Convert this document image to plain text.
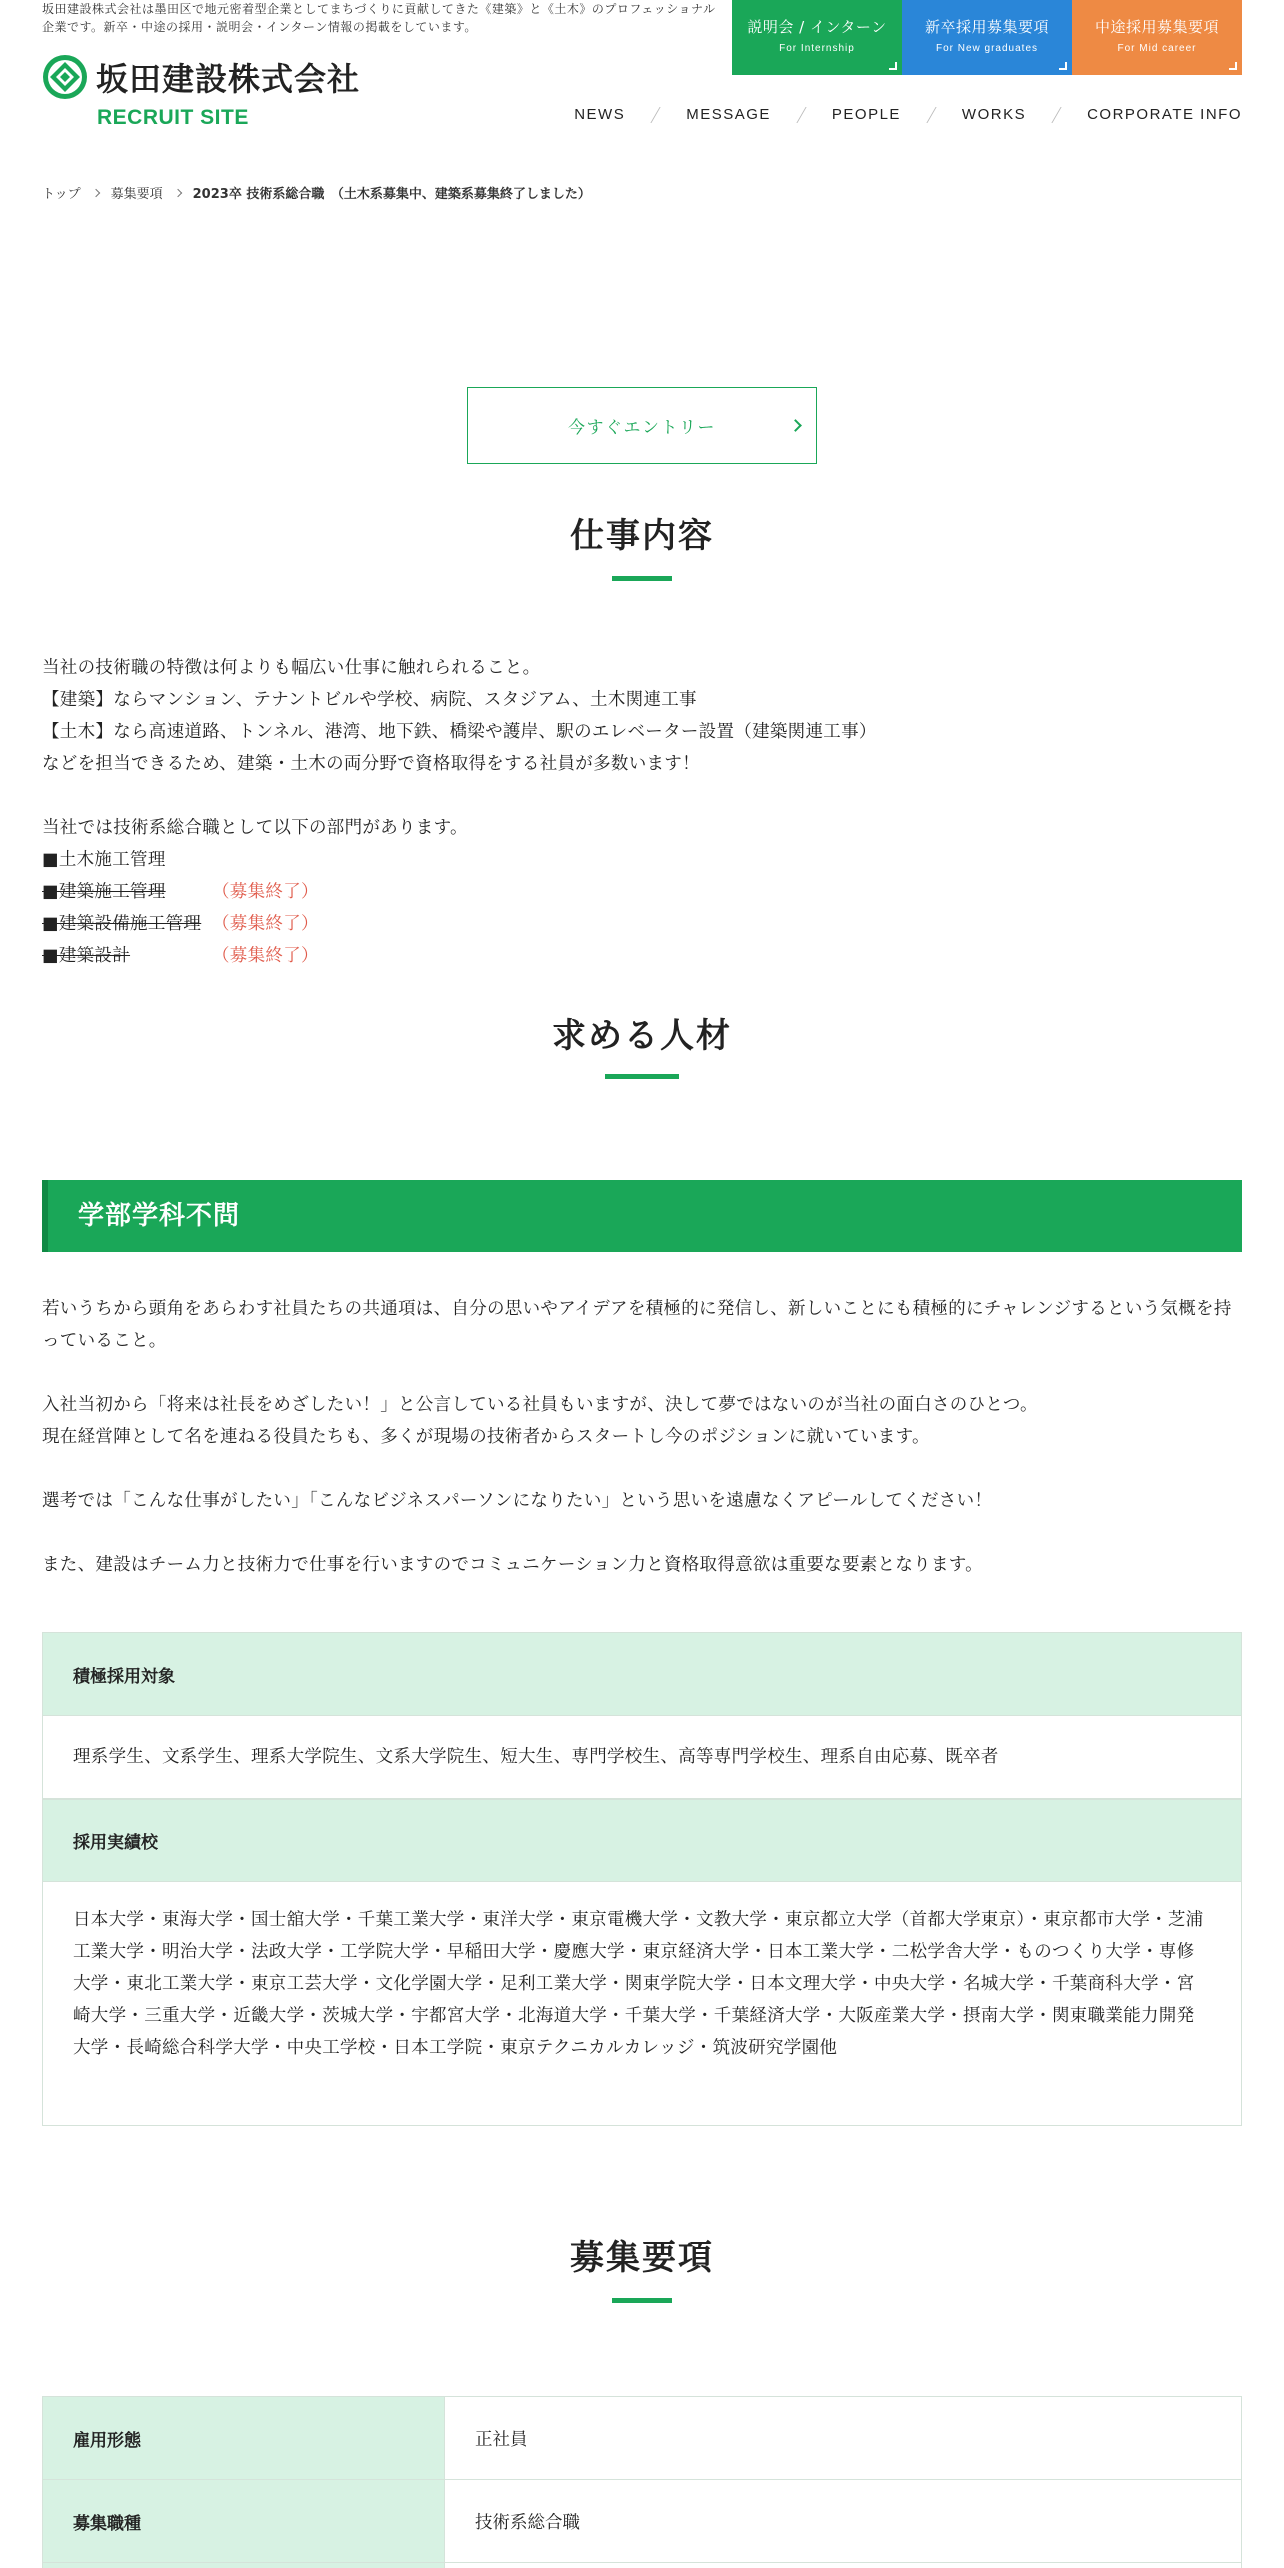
坂田建設株式会社は墨田区で地元密着型企業としてまちづくりに貢献してきた《建築》と《土木》のプロフェッショナル企業です。新卒・中途の採用・説明会・インターン情報の掲載をしています。
坂田建設株式会社
RECRUIT SITE
説明会 / インターン
For Internship
新卒採用募集要項
For New graduates
中途採用募集要項
For Mid career
NEWS	MESSAGE	PEOPLE	WORKS	CORPORATE INFO
トップ 募集要項 2023卒 技術系総合職　（土木系募集中、建築系募集終了しました）
今すぐエントリー
仕事内容

当社の技術職の特徴は何よりも幅広い仕事に触れられること。

【建築】ならマンション、テナントビルや学校、病院、スタジアム、土木関連工事

【土木】なら高速道路、トンネル、港湾、地下鉄、橋梁や護岸、駅のエレベーター設置（建築関連工事）

などを担当できるため、建築・土木の両分野で資格取得をする社員が多数います！

当社では技術系総合職として以下の部門があります。

■土木施工管理
■建築施工管理	（募集終了）
■建築設備施工管理 （募集終了）
■建築設計	（募集終了）
求める人材
学部学科不問

若いうちから頭角をあらわす社員たちの共通項は、自分の思いやアイデアを積極的に発信し、新しいことにも積極的にチャレンジするという気概を持っていること。

入社当初から「将来は社長をめざしたい！」と公言している社員もいますが、決して夢ではないのが当社の面白さのひとつ。

現在経営陣として名を連ねる役員たちも、多くが現場の技術者からスタートし今のポジションに就いています。

選考では「こんな仕事がしたい」「こんなビジネスパーソンになりたい」という思いを遠慮なくアピールしてください！

また、建設はチーム力と技術力で仕事を行いますのでコミュニケーション力と資格取得意欲は重要な要素となります。

積極採用対象
理系学生、文系学生、理系大学院生、文系大学院生、短大生、専門学校生、高等専門学校生、理系自由応募、既卒者
採用実績校
日本大学・東海大学・国士舘大学・千葉工業大学・東洋大学・東京電機大学・文教大学・東京都立大学（首都大学東京）・東京都市大学・芝浦工業大学・明治大学・法政大学・工学院大学・早稲田大学・慶應大学・東京経済大学・日本工業大学・二松学舎大学・ものつくり大学・専修大学・東北工業大学・東京工芸大学・文化学園大学・足利工業大学・関東学院大学・日本文理大学・中央大学・名城大学・千葉商科大学・宮崎大学・三重大学・近畿大学・茨城大学・宇都宮大学・北海道大学・千葉大学・千葉経済大学・大阪産業大学・摂南大学・関東職業能力開発大学・長崎総合科学大学・中央工学校・日本工学院・東京テクニカルカレッジ・筑波研究学園他
募集要項
雇用形態	正社員
募集職種	技術系総合職
